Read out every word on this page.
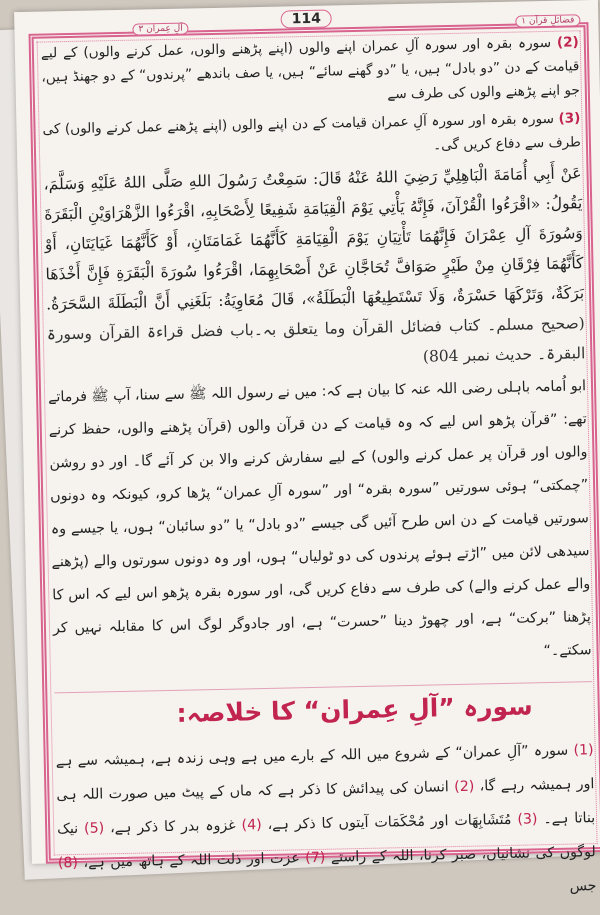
114
آلِ عِمران ۳
فضائلِ قرآن ۱

(2) سورہ بقرہ اور سورہ آلِ عمران اپنے والوں (اپنے پڑھنے والوں، عمل کرنے والوں) کے لیے قیامت کے دن ”دو بادل“ ہیں، یا ”دو گھنے سائے“ ہیں، یا صف باندھے ”پرندوں“ کے دو جھنڈ ہیں، جو اپنے پڑھنے والوں کی طرف سے

(3) سورہ بقرہ اور سورہ آلِ عمران قیامت کے دن اپنے والوں (اپنے پڑھنے عمل کرنے والوں) کی طرف سے دفاع کریں گی۔

عَنْ أَبِي أُمَامَةَ الْبَاهِلِيِّ رَضِيَ اللهُ عَنْهُ قَالَ: سَمِعْتُ رَسُولَ اللهِ صَلَّى اللهُ عَلَيْهِ وَسَلَّمَ، يَقُولُ: «اقْرَءُوا الْقُرْآنَ، فَإِنَّهُ يَأْتِي يَوْمَ الْقِيَامَةِ شَفِيعًا لِأَصْحَابِهِ، اقْرَءُوا الزَّهْرَاوَيْنِ الْبَقَرَةَ وَسُورَةَ آلِ عِمْرَانَ فَإِنَّهُمَا تَأْتِيَانِ يَوْمَ الْقِيَامَةِ كَأَنَّهُمَا غَمَامَتَانِ، أَوْ كَأَنَّهُمَا غَيَايَتَانِ، أَوْ كَأَنَّهُمَا فِرْقَانِ مِنْ طَيْرٍ صَوَافَّ تُحَاجَّانِ عَنْ أَصْحَابِهِمَا، اقْرَءُوا سُورَةَ الْبَقَرَةِ فَإِنَّ أَخْذَهَا بَرَكَةٌ، وَتَرْكَهَا حَسْرَةٌ، وَلَا تَسْتَطِيعُهَا الْبَطَلَةُ»، قَالَ مُعَاوِيَةُ: بَلَغَنِي أَنَّ الْبَطَلَةَ السَّحَرَةُ. (صحیح مسلم۔ کتاب فضائل القرآن وما یتعلق بہ۔باب فضل قراءۃ القرآن وسورۃ البقرۃ۔ حدیث نمبر 804)

ابو اُمامہ باہلی رضی اللہ عنہ کا بیان ہے کہ: میں نے رسول اللہ ﷺ سے سنا، آپ ﷺ فرماتے تھے: ”قرآن پڑھو اس لیے کہ وہ قیامت کے دن قرآن والوں (قرآن پڑھنے والوں، حفظ کرنے والوں اور قرآن پر عمل کرنے والوں) کے لیے سفارش کرنے والا بن کر آئے گا۔ اور دو روشن ”چمکتی“ ہوئی سورتیں ”سورہ بقرہ“ اور ”سورہ آلِ عمران“ پڑھا کرو، کیونکہ وہ دونوں سورتیں قیامت کے دن اس طرح آئیں گی جیسے ”دو بادل“ یا ”دو سائبان“ ہوں، یا جیسے وہ سیدھی لائن میں ”اڑتے ہوئے پرندوں کی دو ٹولیاں“ ہوں، اور وہ دونوں سورتوں والے (پڑھنے والے عمل کرنے والے) کی طرف سے دفاع کریں گی، اور سورہ بقرہ پڑھو اس لیے کہ اس کا پڑھنا ”برکت“ ہے، اور چھوڑ دینا ”حسرت“ ہے، اور جادوگر لوگ اس کا مقابلہ نہیں کر سکتے۔“

سورہ ”آلِ عِمران“ کا خلاصہ:

(1) سورہ ”آلِ عمران“ کے شروع میں اللہ کے بارے میں ہے وہی زندہ ہے، ہمیشہ سے ہے اور ہمیشہ رہے گا، (2) انسان کی پیدائش کا ذکر ہے کہ ماں کے پیٹ میں صورت اللہ ہی بناتا ہے۔ (3) مُتَشَابِهَات اور مُحْكَمَات آیتوں کا ذکر ہے، (4) غزوہ بدر کا ذکر ہے، (5) نیک لوگوں کی نشانیاں، صبر کرنا، اللہ کے راستے (7) عزت اور ذلت اللہ کے ہاتھ میں ہے، (8) جس
